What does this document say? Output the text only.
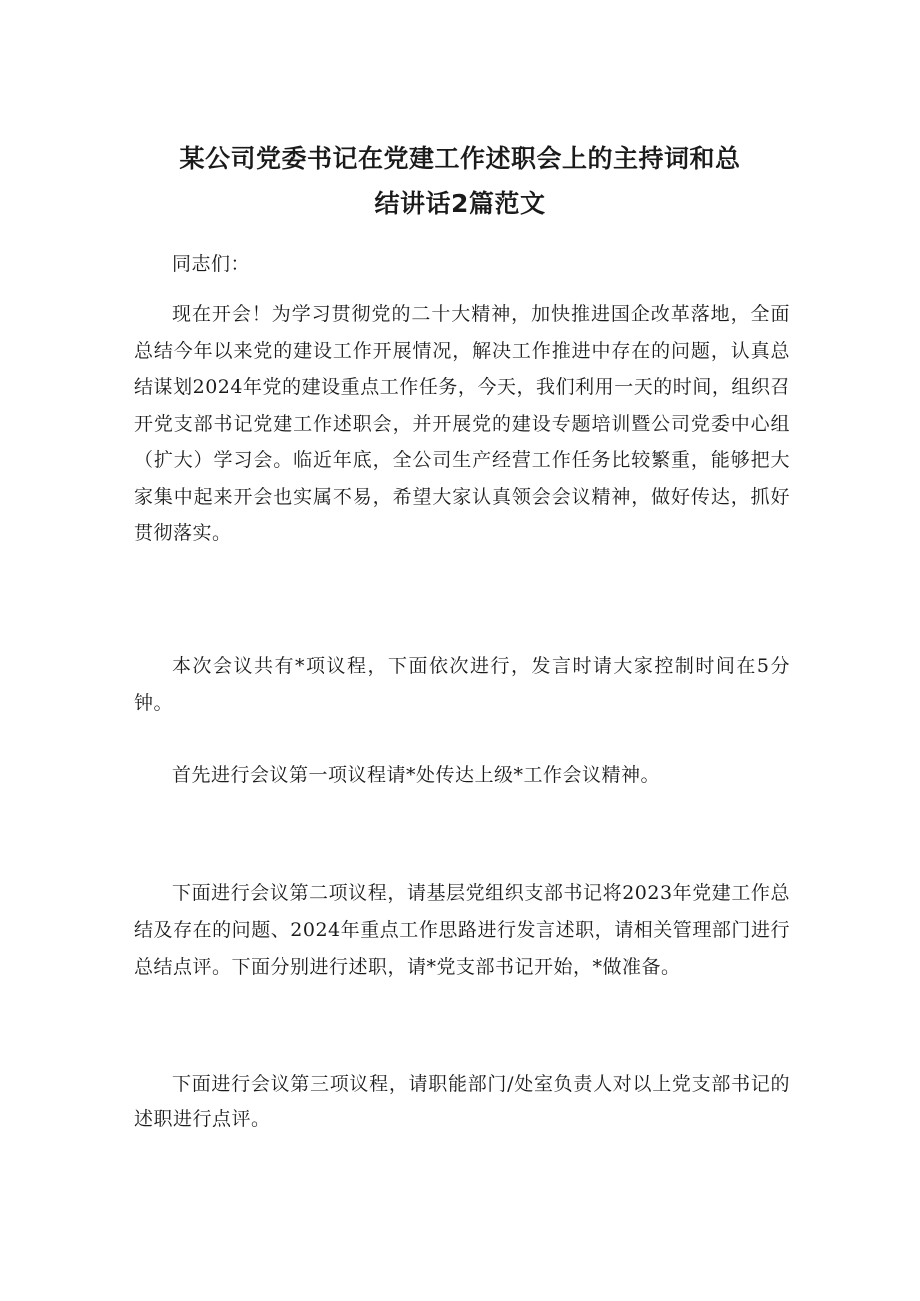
某公司党委书记在党建工作述职会上的主持词和总
结讲话2篇范文

同志们：

现在开会！为学习贯彻党的二十大精神，加快推进国企改革落地，全面总结今年以来党的建设工作开展情况，解决工作推进中存在的问题，认真总结谋划2024年党的建设重点工作任务，今天，我们利用一天的时间，组织召开党支部书记党建工作述职会，并开展党的建设专题培训暨公司党委中心组（扩大）学习会。临近年底，全公司生产经营工作任务比较繁重，能够把大家集中起来开会也实属不易，希望大家认真领会会议精神，做好传达，抓好贯彻落实。

本次会议共有*项议程，下面依次进行，发言时请大家控制时间在5分钟。

首先进行会议第一项议程请*处传达上级*工作会议精神。

下面进行会议第二项议程，请基层党组织支部书记将2023年党建工作总结及存在的问题、2024年重点工作思路进行发言述职，请相关管理部门进行总结点评。下面分别进行述职，请*党支部书记开始，*做准备。

下面进行会议第三项议程，请职能部门/处室负责人对以上党支部书记的述职进行点评。
